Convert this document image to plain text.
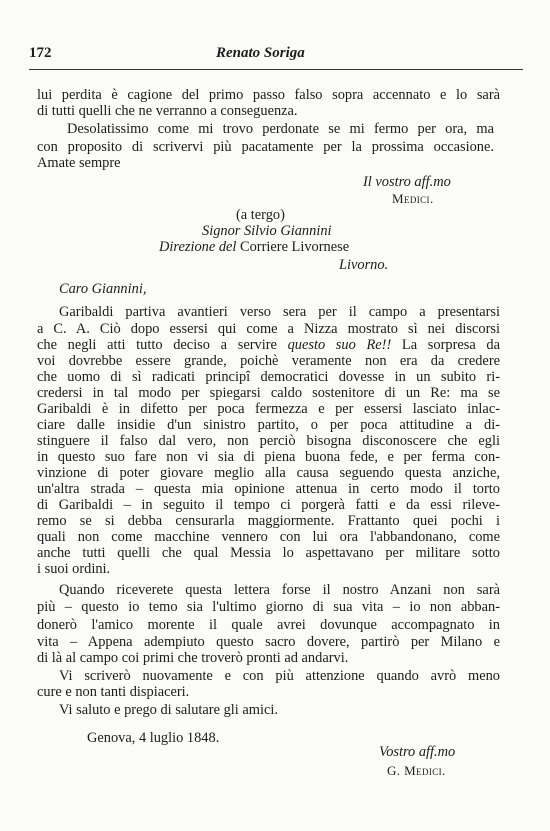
172	Renato Soriga
lui perdita è cagione del primo passo falso sopra accennato e lo sarà
di tutti quelli che ne verranno a conseguenza.
Desolatissimo come mi trovo perdonate se mi fermo per ora, ma
con proposito di scrivervi più pacatamente per la prossima occasione.
Amate sempre
Il vostro aff.mo
Medici.
(a tergo)
Signor Silvio Giannini
Direzione del Corriere Livornese
Livorno.
Caro Giannini,
Garibaldi partiva avantieri verso sera per il campo a presentarsi
a C. A. Ciò dopo essersi qui come a Nizza mostrato sì nei discorsi
che negli atti tutto deciso a servire questo suo Re!! La sorpresa da
voi dovrebbe essere grande, poichè veramente non era da credere
che uomo di sì radicati principî democratici dovesse in un subito ri-
credersi in tal modo per spiegarsi caldo sostenitore di un Re: ma se
Garibaldi è in difetto per poca fermezza e per essersi lasciato inlac-
ciare dalle insidie d'un sinistro partito, o per poca attitudine a di-
stinguere il falso dal vero, non perciò bisogna disconoscere che egli
in questo suo fare non vi sia di piena buona fede, e per ferma con-
vinzione di poter giovare meglio alla causa seguendo questa anziche,
un'altra strada – questa mia opinione attenua in certo modo il torto
di Garibaldi – in seguito il tempo ci porgerà fatti e da essi rileve-
remo se si debba censurarla maggiormente. Frattanto quei pochi i
quali non come macchine vennero con lui ora l'abbandonano, come
anche tutti quelli che qual Messia lo aspettavano per militare sotto
i suoi ordini.
Quando riceverete questa lettera forse il nostro Anzani non sarà
più – questo io temo sia l'ultimo giorno di sua vita – io non abban-
donerò l'amico morente il quale avrei dovunque accompagnato in
vita – Appena adempiuto questo sacro dovere, partirò per Milano e
di là al campo coi primi che troverò pronti ad andarvi.
Vi scriverò nuovamente e con più attenzione quando avrò meno
cure e non tanti dispiaceri.
Vi saluto e prego di salutare gli amici.
Genova, 4 luglio 1848.
Vostro aff.mo
G. Medici.
